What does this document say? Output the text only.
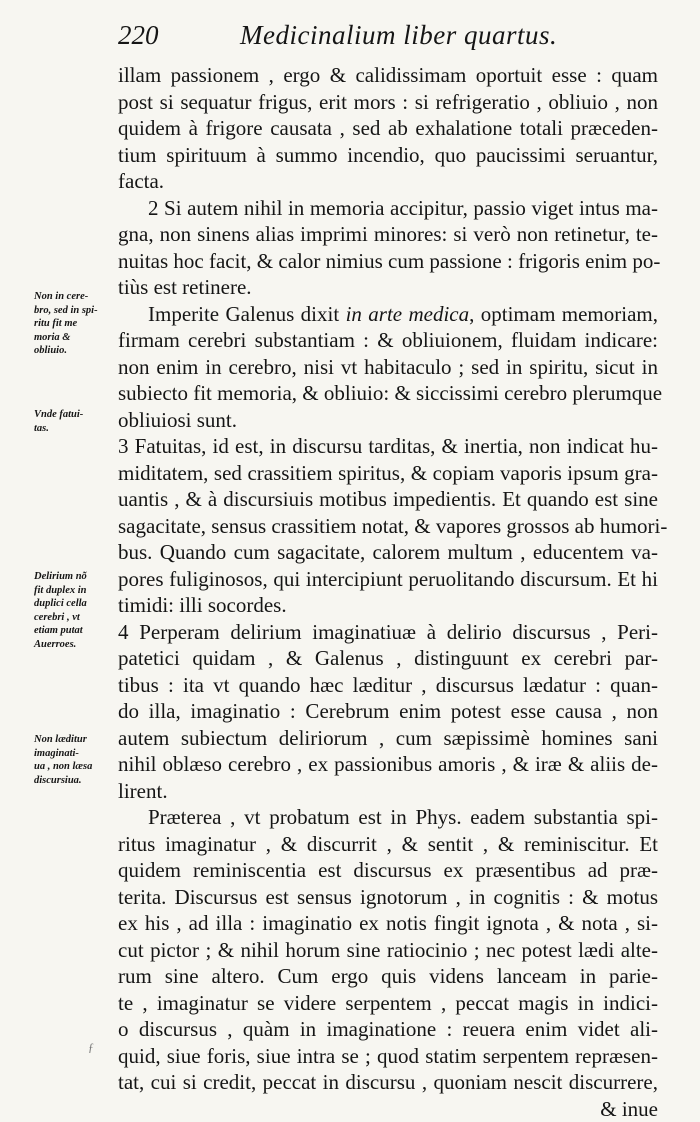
220	Medicinalium liber quartus.
illam passionem , ergo & calidissimam oportuit esse : quam
post si sequatur frigus, erit mors : si refrigeratio , obliuio , non
quidem à frigore causata , sed ab exhalatione totali præceden-
tium spirituum à summo incendio, quo paucissimi seruantur,
facta.
2 Si autem nihil in memoria accipitur, passio viget intus ma-
gna, non sinens alias imprimi minores: si verò non retinetur, te-
nuitas hoc facit, & calor nimius cum passione : frigoris enim po-
tiùs est retinere.
Imperite Galenus dixit in arte medica, optimam memoriam,
firmam cerebri substantiam : & obliuionem, fluidam indicare:
non enim in cerebro, nisi vt habitaculo ; sed in spiritu, sicut in
subiecto fit memoria, & obliuio: & siccissimi cerebro plerumque
obliuiosi sunt.
3 Fatuitas, id est, in discursu tarditas, & inertia, non indicat hu-
miditatem, sed crassitiem spiritus, & copiam vaporis ipsum gra-
uantis , & à discursiuis motibus impedientis. Et quando est sine
sagacitate, sensus crassitiem notat, & vapores grossos ab humori-
bus. Quando cum sagacitate, calorem multum , educentem va-
pores fuliginosos, qui intercipiunt peruolitando discursum. Et hi
timidi: illi socordes.
4 Perperam delirium imaginatiuæ à delirio discursus , Peri-
patetici quidam , & Galenus , distinguunt ex cerebri par-
tibus : ita vt quando hæc læditur , discursus lædatur : quan-
do illa, imaginatio : Cerebrum enim potest esse causa , non
autem subiectum deliriorum , cum sæpissimè homines sani
nihil oblæso cerebro , ex passionibus amoris , & iræ & aliis de-
lirent.
Præterea , vt probatum est in Phys. eadem substantia spi-
ritus imaginatur , & discurrit , & sentit , & reminiscitur. Et
quidem reminiscentia est discursus ex præsentibus ad præ-
terita. Discursus est sensus ignotorum , in cognitis : & motus
ex his , ad illa : imaginatio ex notis fingit ignota , & nota , si-
cut pictor ; & nihil horum sine ratiocinio ; nec potest lædi alte-
rum sine altero. Cum ergo quis videns lanceam in parie-
te , imaginatur se videre serpentem , peccat magis in indici-
o discursus , quàm in imaginatione : reuera enim videt ali-
quid, siue foris, siue intra se ; quod statim serpentem repræsen-
tat, cui si credit, peccat in discursu , quoniam nescit discurrere,
& inue
Non in cere-
bro, sed in spi-
ritu fit me
moria &
obliuio.
Vnde fatui-
tas.
Delirium nõ
fit duplex in
duplici cella
cerebri , vt
etiam putat
Auerroes.
Non læditur
imaginati-
ua , non læsa
discursiua.
ƒ
